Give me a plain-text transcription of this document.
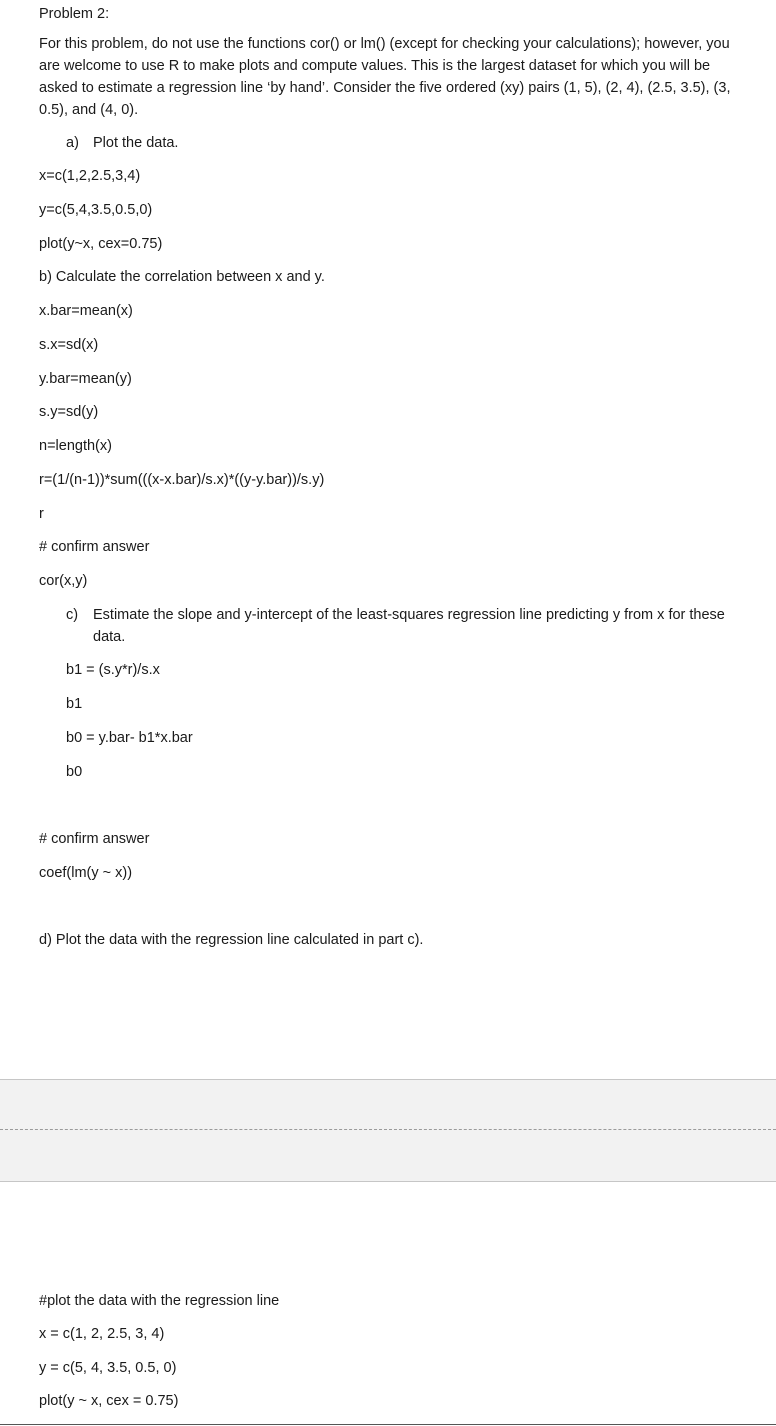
Problem 2:
For this problem, do not use the functions cor() or lm() (except for checking your calculations); however, you are welcome to use R to make plots and compute values. This is the largest dataset for which you will be asked to estimate a regression line ‘by hand’. Consider the five ordered (xy) pairs (1, 5), (2, 4), (2.5, 3.5), (3, 0.5), and (4, 0).
a) Plot the data.
x=c(1,2,2.5,3,4)
y=c(5,4,3.5,0.5,0)
plot(y~x, cex=0.75)
b) Calculate the correlation between x and y.
x.bar=mean(x)
s.x=sd(x)
y.bar=mean(y)
s.y=sd(y)
n=length(x)
r=(1/(n-1))*sum(((x-x.bar)/s.x)*((y-y.bar))/s.y)
r
# confirm answer
cor(x,y)
c) Estimate the slope and y-intercept of the least-squares regression line predicting y from x for these data.
b1 = (s.y*r)/s.x
b1
b0 = y.bar- b1*x.bar
b0
# confirm answer
coef(lm(y ~ x))
d) Plot the data with the regression line calculated in part c).
#plot the data with the regression line
x = c(1, 2, 2.5, 3, 4)
y = c(5, 4, 3.5, 0.5, 0)
plot(y ~ x, cex = 0.75)
